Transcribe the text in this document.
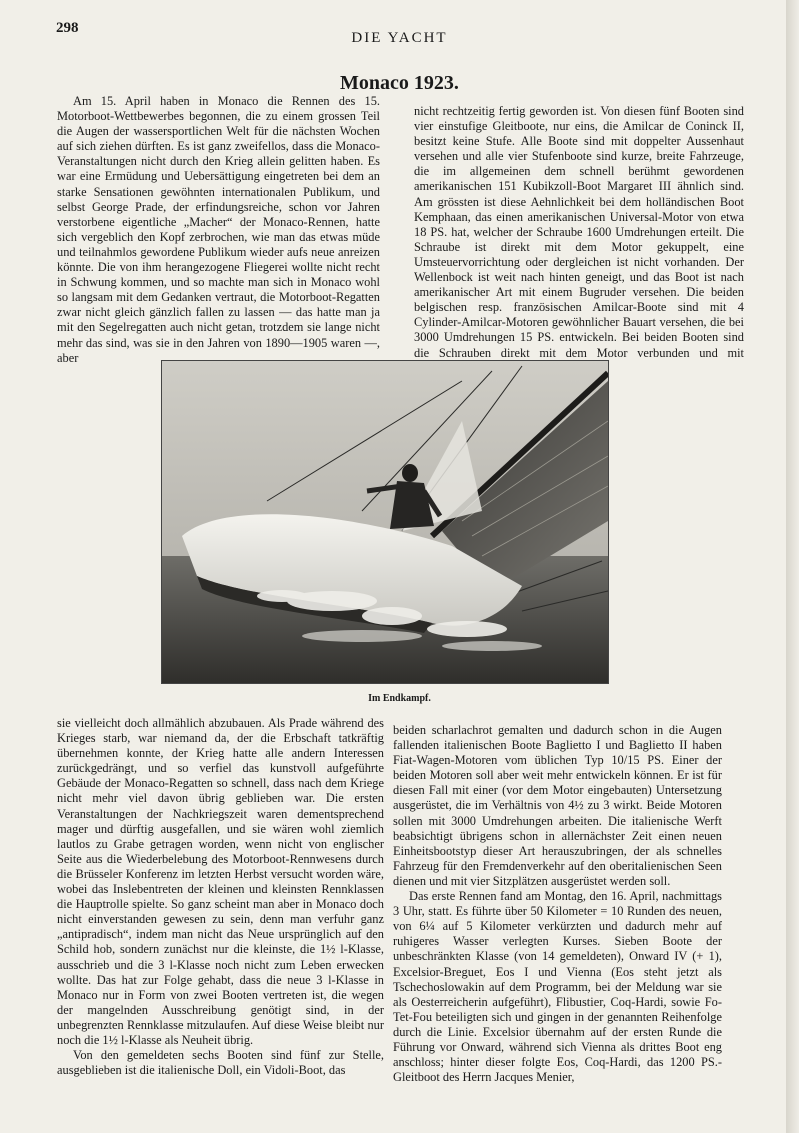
298
DIE YACHT
Monaco 1923.

Am 15. April haben in Monaco die Rennen des 15. Motorboot-Wettbewerbes begonnen, die zu einem grossen Teil die Augen der wassersportlichen Welt für die nächsten Wochen auf sich ziehen dürften. Es ist ganz zweifellos, dass die Monaco-Veranstaltungen nicht durch den Krieg allein gelitten haben. Es war eine Ermüdung und Uebersättigung eingetreten bei dem an starke Sensationen gewöhnten internationalen Publikum, und selbst George Prade, der erfindungsreiche, schon vor Jahren verstorbene eigentliche „Macher“ der Monaco-Rennen, hatte sich vergeblich den Kopf zerbrochen, wie man das etwas müde und teilnahmlos gewordene Publikum wieder aufs neue anreizen könnte. Die von ihm herangezogene Fliegerei wollte nicht recht in Schwung kommen, und so machte man sich in Monaco wohl so langsam mit dem Gedanken vertraut, die Motorboot-Regatten zwar nicht gleich gänzlich fallen zu lassen — das hatte man ja mit den Segelregatten auch nicht getan, trotzdem sie lange nicht mehr das sind, was sie in den Jahren von 1890—1905 waren —, aber

nicht rechtzeitig fertig geworden ist. Von diesen fünf Booten sind vier einstufige Gleitboote, nur eins, die Amilcar de Coninck II, besitzt keine Stufe. Alle Boote sind mit doppelter Aussenhaut versehen und alle vier Stufenboote sind kurze, breite Fahrzeuge, die im allgemeinen dem schnell berühmt gewordenen amerikanischen 151 Kubikzoll-Boot Margaret III ähnlich sind. Am grössten ist diese Aehnlichkeit bei dem holländischen Boot Kemphaan, das einen amerikanischen Universal-Motor von etwa 18 PS. hat, welcher der Schraube 1600 Umdrehungen erteilt. Die Schraube ist direkt mit dem Motor gekuppelt, eine Umsteuervorrichtung oder dergleichen ist nicht vorhanden. Der Wellenbock ist weit nach hinten geneigt, und das Boot ist nach amerikanischer Art mit einem Bugruder versehen. Die beiden belgischen resp. französischen Amilcar-Boote sind mit 4 Cylinder-Amilcar-Motoren gewöhnlicher Bauart versehen, die bei 3000 Umdrehungen 15 PS. entwickeln. Bei beiden Booten sind die Schrauben direkt mit dem Motor verbunden und mit

Im Endkampf.

sie vielleicht doch allmählich abzubauen. Als Prade während des Krieges starb, war niemand da, der die Erbschaft tatkräftig übernehmen konnte, der Krieg hatte alle andern Interessen zurückgedrängt, und so verfiel das kunstvoll aufgeführte Gebäude der Monaco-Regatten so schnell, dass nach dem Kriege nicht mehr viel davon übrig geblieben war. Die ersten Veranstaltungen der Nachkriegszeit waren dementsprechend mager und dürftig ausgefallen, und sie wären wohl ziemlich lautlos zu Grabe getragen worden, wenn nicht von englischer Seite aus die Wiederbelebung des Motorboot-Rennwesens durch die Brüsseler Konferenz im letzten Herbst versucht worden wäre, wobei das Inslebentreten der kleinen und kleinsten Rennklassen die Hauptrolle spielte. So ganz scheint man aber in Monaco doch nicht einverstanden gewesen zu sein, denn man verfuhr ganz „antipradisch“, indem man nicht das Neue ursprünglich auf den Schild hob, sondern zunächst nur die kleinste, die 1½ l-Klasse, ausschrieb und die 3 l-Klasse noch nicht zum Leben erwecken wollte. Das hat zur Folge gehabt, dass die neue 3 l-Klasse in Monaco nur in Form von zwei Booten vertreten ist, die wegen der mangelnden Ausschreibung genötigt sind, in der unbegrenzten Rennklasse mitzulaufen. Auf diese Weise bleibt nur noch die 1½ l-Klasse als Neuheit übrig.

Von den gemeldeten sechs Booten sind fünf zur Stelle, ausgeblieben ist die italienische Doll, ein Vidoli-Boot, das

beiden scharlachrot gemalten und dadurch schon in die Augen fallenden italienischen Boote Baglietto I und Baglietto II haben Fiat-Wagen-Motoren vom üblichen Typ 10/15 PS. Einer der beiden Motoren soll aber weit mehr entwickeln können. Er ist für diesen Fall mit einer (vor dem Motor eingebauten) Untersetzung ausgerüstet, die im Verhältnis von 4½ zu 3 wirkt. Beide Motoren sollen mit 3000 Umdrehungen arbeiten. Die italienische Werft beabsichtigt übrigens schon in allernächster Zeit einen neuen Einheitsbootstyp dieser Art herauszubringen, der als schnelles Fahrzeug für den Fremdenverkehr auf den oberitalienischen Seen dienen und mit vier Sitzplätzen ausgerüstet werden soll.

Das erste Rennen fand am Montag, den 16. April, nachmittags 3 Uhr, statt. Es führte über 50 Kilometer = 10 Runden des neuen, von 6¼ auf 5 Kilometer verkürzten und dadurch mehr auf ruhigeres Wasser verlegten Kurses. Sieben Boote der unbeschränkten Klasse (von 14 gemeldeten), Onward IV (+ 1), Excelsior-Breguet, Eos I und Vienna (Eos steht jetzt als Tschechoslowakin auf dem Programm, bei der Meldung war sie als Oesterreicherin aufgeführt), Flibustier, Coq-Hardi, sowie Fo-Tet-Fou beteiligten sich und gingen in der genannten Reihenfolge durch die Linie. Excelsior übernahm auf der ersten Runde die Führung vor Onward, während sich Vienna als drittes Boot eng anschloss; hinter dieser folgte Eos, Coq-Hardi, das 1200 PS.-Gleitboot des Herrn Jacques Menier,
